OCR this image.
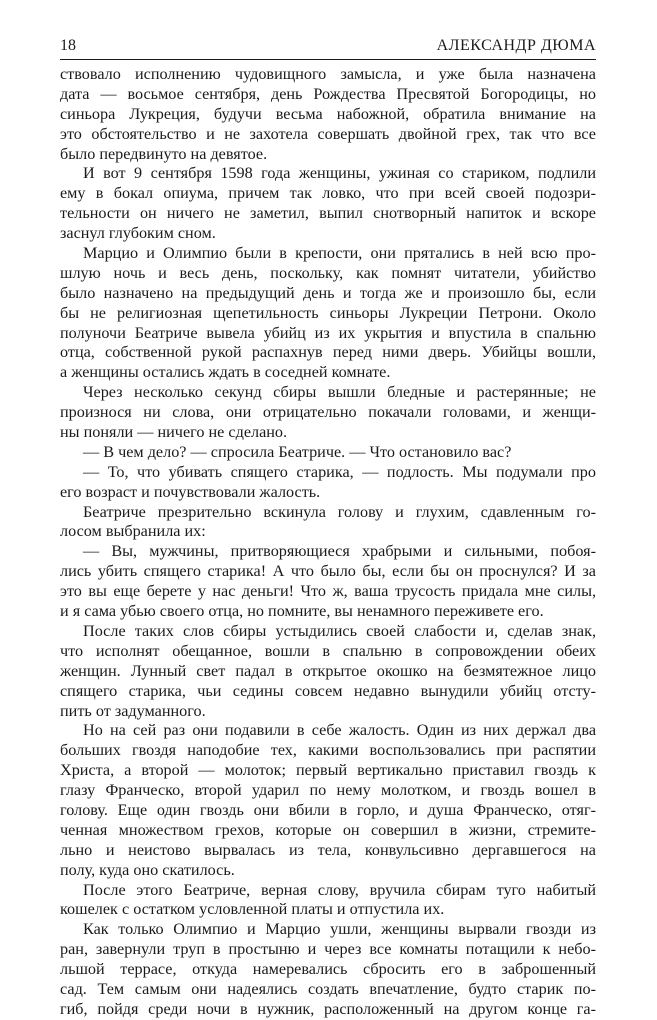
18	АЛЕКСАНДР ДЮМА
ствовало исполнению чудовищного замысла, и уже была назначена
дата — восьмое сентября, день Рождества Пресвятой Богородицы, но
синьора Лукреция, будучи весьма набожной, обратила внимание на
это обстоятельство и не захотела совершать двойной грех, так что все
было передвинуто на девятое.
И вот 9 сентября 1598 года женщины, ужиная со стариком, подлили
ему в бокал опиума, причем так ловко, что при всей своей подозри-
тельности он ничего не заметил, выпил снотворный напиток и вскоре
заснул глубоким сном.
Марцио и Олимпио были в крепости, они прятались в ней всю про-
шлую ночь и весь день, поскольку, как помнят читатели, убийство
было назначено на предыдущий день и тогда же и произошло бы, если
бы не религиозная щепетильность синьоры Лукреции Петрони. Около
полуночи Беатриче вывела убийц из их укрытия и впустила в спальню
отца, собственной рукой распахнув перед ними дверь. Убийцы вошли,
а женщины остались ждать в соседней комнате.
Через несколько секунд сбиры вышли бледные и растерянные; не
произнося ни слова, они отрицательно покачали головами, и женщи-
ны поняли — ничего не сделано.
— В чем дело? — спросила Беатриче. — Что остановило вас?
— То, что убивать спящего старика, — подлость. Мы подумали про
его возраст и почувствовали жалость.
Беатриче презрительно вскинула голову и глухим, сдавленным го-
лосом выбранила их:
— Вы, мужчины, притворяющиеся храбрыми и сильными, побоя-
лись убить спящего старика! А что было бы, если бы он проснулся? И за
это вы еще берете у нас деньги! Что ж, ваша трусость придала мне силы,
и я сама убью своего отца, но помните, вы ненамного переживете его.
После таких слов сбиры устыдились своей слабости и, сделав знак,
что исполнят обещанное, вошли в спальню в сопровождении обеих
женщин. Лунный свет падал в открытое окошко на безмятежное лицо
спящего старика, чьи седины совсем недавно вынудили убийц отсту-
пить от задуманного.
Но на сей раз они подавили в себе жалость. Один из них держал два
больших гвоздя наподобие тех, какими воспользовались при распятии
Христа, а второй — молоток; первый вертикально приставил гвоздь к
глазу Франческо, второй ударил по нему молотком, и гвоздь вошел в
голову. Еще один гвоздь они вбили в горло, и душа Франческо, отяг-
ченная множеством грехов, которые он совершил в жизни, стремите-
льно и неистово вырвалась из тела, конвульсивно дергавшегося на
полу, куда оно скатилось.
После этого Беатриче, верная слову, вручила сбирам туго набитый
кошелек с остатком условленной платы и отпустила их.
Как только Олимпио и Марцио ушли, женщины вырвали гвозди из
ран, завернули труп в простыню и через все комнаты потащили к небо-
льшой террасе, откуда намеревались сбросить его в заброшенный
сад. Тем самым они надеялись создать впечатление, будто старик по-
гиб, пойдя среди ночи в нужник, расположенный на другом конце га-
